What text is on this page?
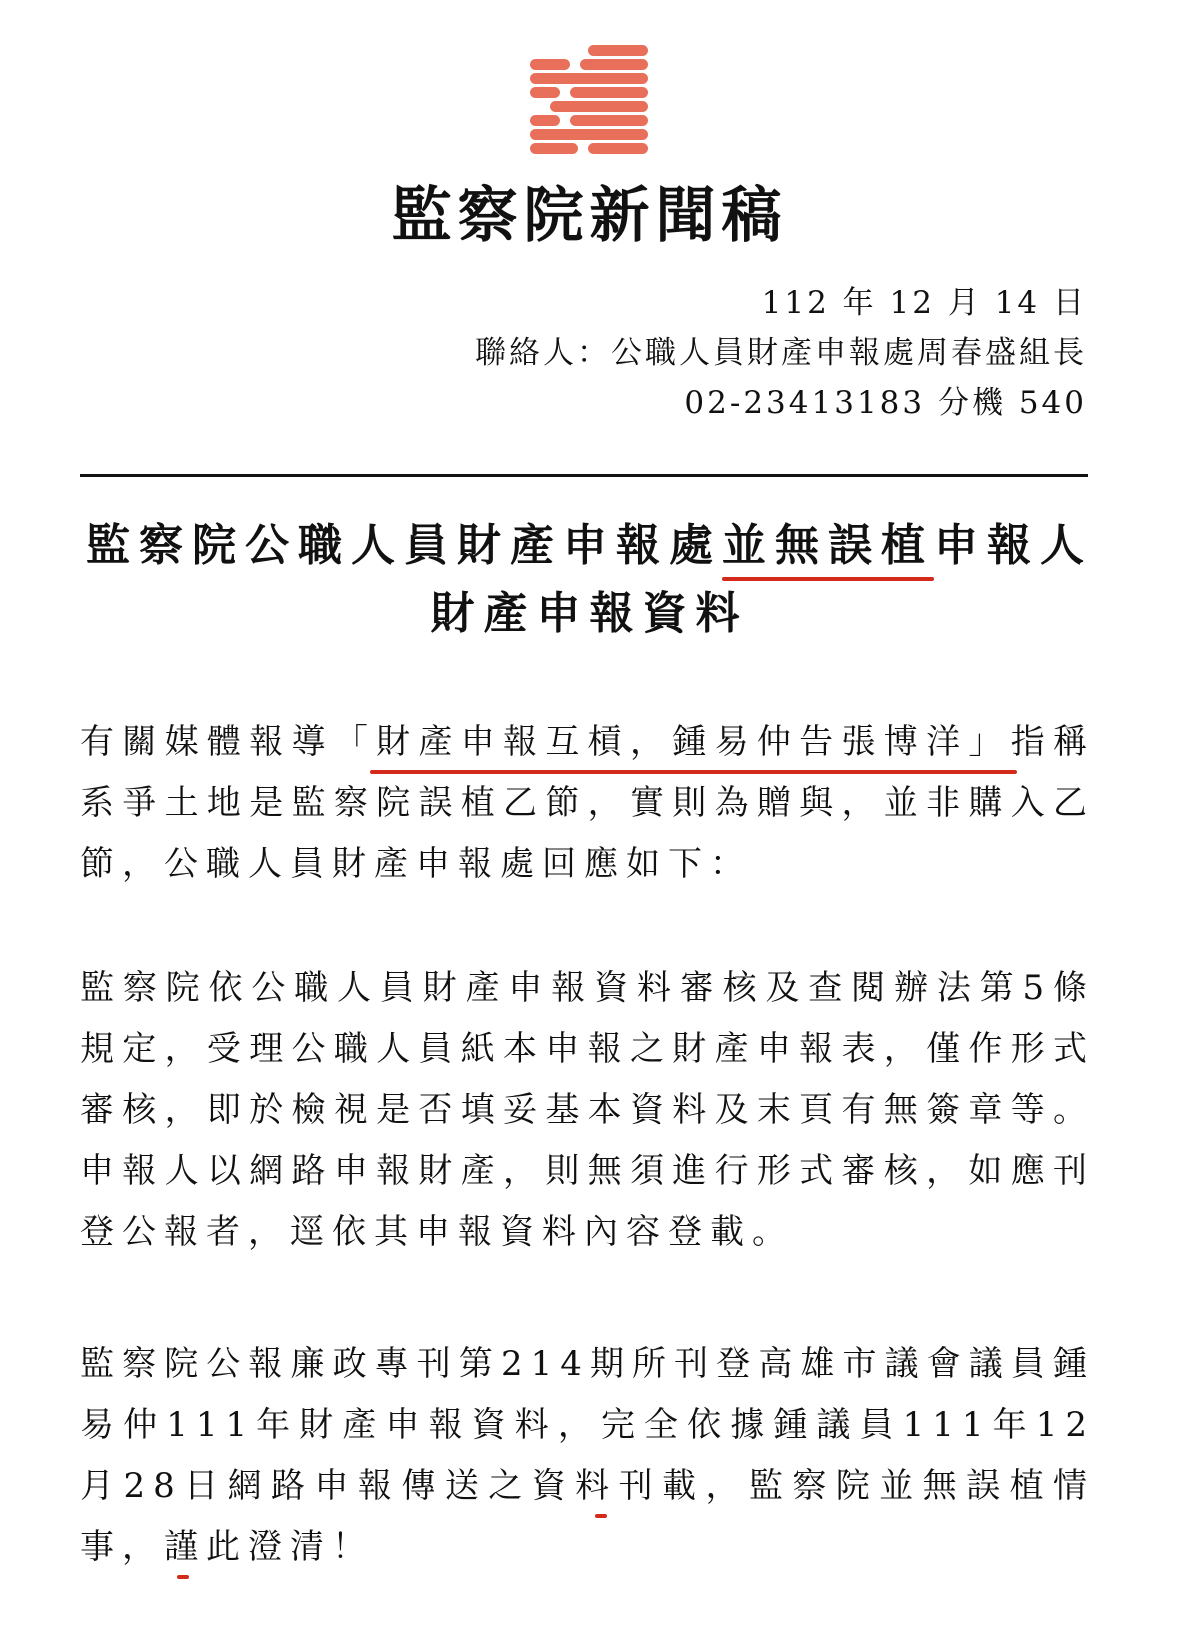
監察院新聞稿
112 年 12 月 14 日
聯絡人：公職人員財產申報處周春盛組長
02-23413183 分機 540
監察院公職人員財產申報處並無誤植申報人
財產申報資料

有關媒體報導「財產申報互槓，鍾易仲告張博洋」指稱系爭土地是監察院誤植乙節，實則為贈與，並非購入乙節，公職人員財產申報處回應如下：

監察院依公職人員財產申報資料審核及查閱辦法第5條規定，受理公職人員紙本申報之財產申報表，僅作形式審核，即於檢視是否填妥基本資料及末頁有無簽章等。申報人以網路申報財產，則無須進行形式審核，如應刊登公報者，逕依其申報資料內容登載。

監察院公報廉政專刊第214期所刊登高雄市議會議員鍾易仲111年財產申報資料，完全依據鍾議員111年12月28日網路申報傳送之資料刊載，監察院並無誤植情事，謹此澄清！
